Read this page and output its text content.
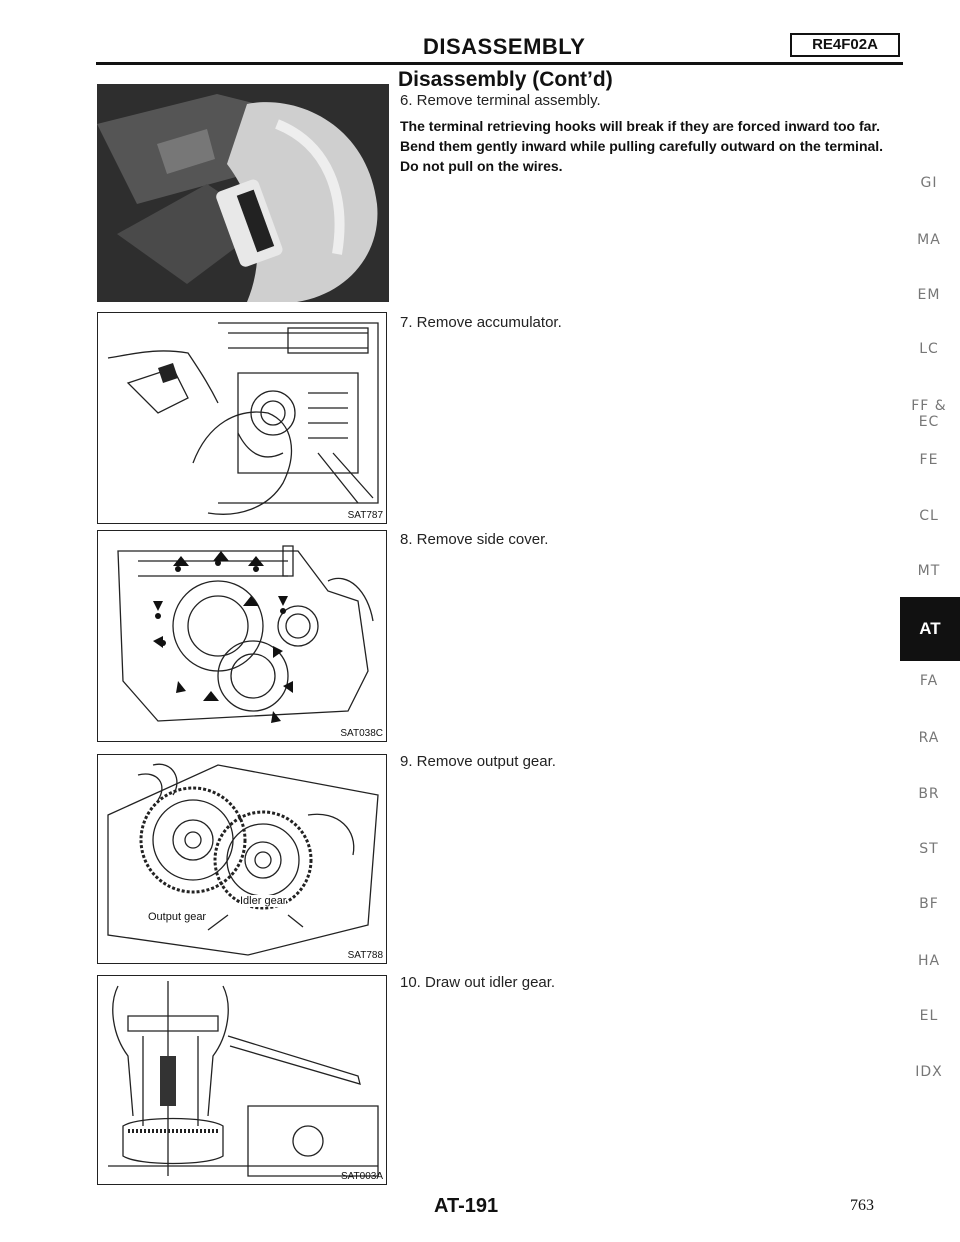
DISASSEMBLY	RE4F02A
Disassembly (Cont’d)
6. Remove terminal assembly.
The terminal retrieving hooks will break if they are forced inward too far. Bend them gently inward while pulling carefully outward on the terminal. Do not pull on the wires.
7. Remove accumulator.
8. Remove side cover.
9. Remove output gear.
10. Draw out idler gear.
SAT787
SAT038C
Idler gear
Output gear
SAT788
SAT003A
GI
MA
EM
LC
FF &
EC
FE
CL
MT
AT
FA
RA
BR
ST
BF
HA
EL
IDX
AT-191	763
